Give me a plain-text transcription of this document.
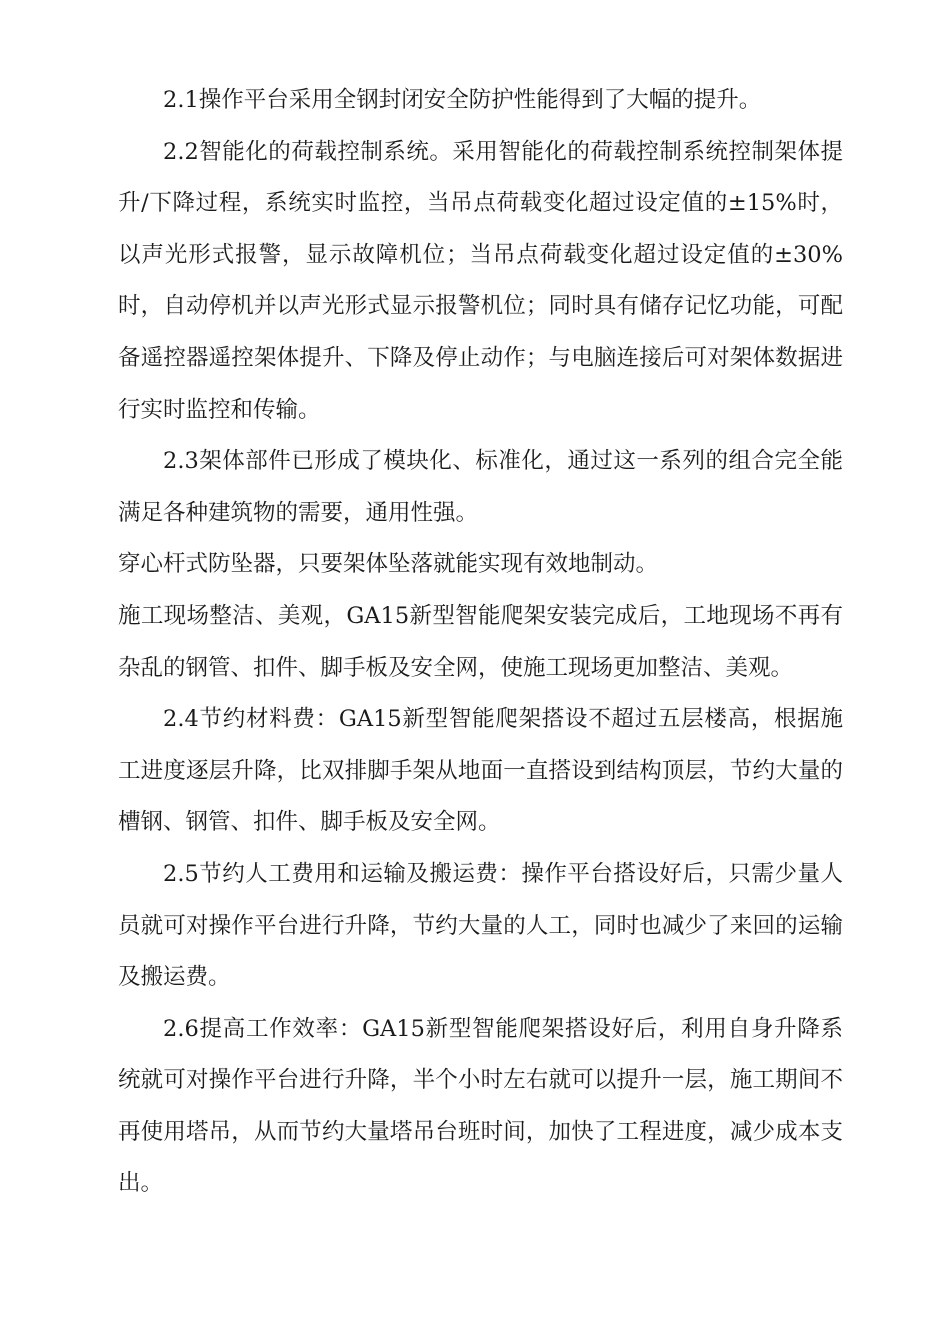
2.1操作平台采用全钢封闭安全防护性能得到了大幅的提升。

2.2智能化的荷载控制系统。采用智能化的荷载控制系统控制架体提升/下降过程，系统实时监控，当吊点荷载变化超过设定值的±15%时，以声光形式报警，显示故障机位；当吊点荷载变化超过设定值的±30%时，自动停机并以声光形式显示报警机位；同时具有储存记忆功能，可配备遥控器遥控架体提升、下降及停止动作；与电脑连接后可对架体数据进行实时监控和传输。

2.3架体部件已形成了模块化、标准化，通过这一系列的组合完全能满足各种建筑物的需要，通用性强。

穿心杆式防坠器，只要架体坠落就能实现有效地制动。

施工现场整洁、美观，GA15新型智能爬架安装完成后，工地现场不再有杂乱的钢管、扣件、脚手板及安全网，使施工现场更加整洁、美观。

2.4节约材料费：GA15新型智能爬架搭设不超过五层楼高，根据施工进度逐层升降，比双排脚手架从地面一直搭设到结构顶层，节约大量的槽钢、钢管、扣件、脚手板及安全网。

2.5节约人工费用和运输及搬运费：操作平台搭设好后，只需少量人员就可对操作平台进行升降，节约大量的人工，同时也减少了来回的运输及搬运费。

2.6提高工作效率：GA15新型智能爬架搭设好后，利用自身升降系统就可对操作平台进行升降，半个小时左右就可以提升一层，施工期间不再使用塔吊，从而节约大量塔吊台班时间，加快了工程进度，减少成本支出。
